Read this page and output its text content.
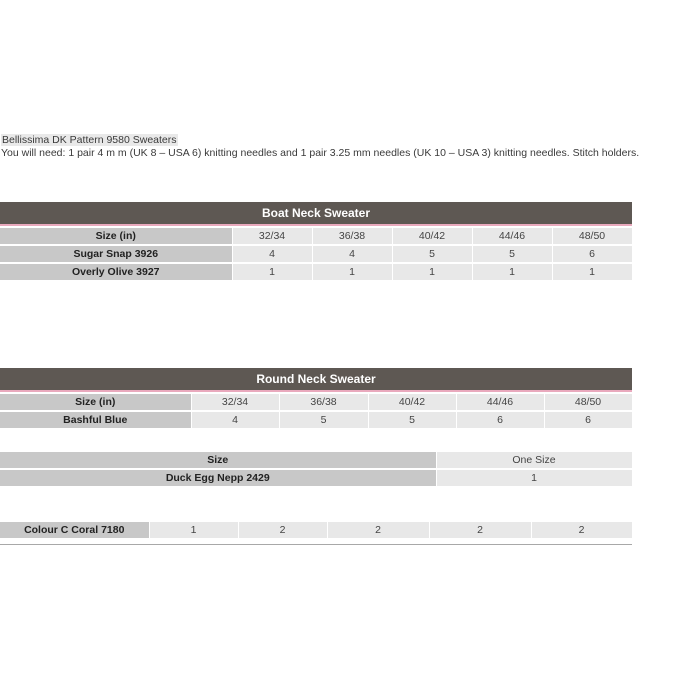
Bellissima DK Pattern 9580 Sweaters
You will need: 1 pair 4 m m (UK 8 – USA 6) knitting needles and 1 pair 3.25 mm needles (UK 10 – USA 3) knitting needles. Stitch holders.
Boat Neck Sweater
Size (in)	32/34	36/38	40/42	44/46	48/50
Sugar Snap 3926	4	4	5	5	6
Overly Olive 3927	1	1	1	1	1
Round Neck Sweater
Size (in)	32/34	36/38	40/42	44/46	48/50
Bashful Blue	4	5	5	6	6
Size	One Size
Duck Egg Nepp 2429	1
Colour C Coral 7180	1	2	2	2	2
